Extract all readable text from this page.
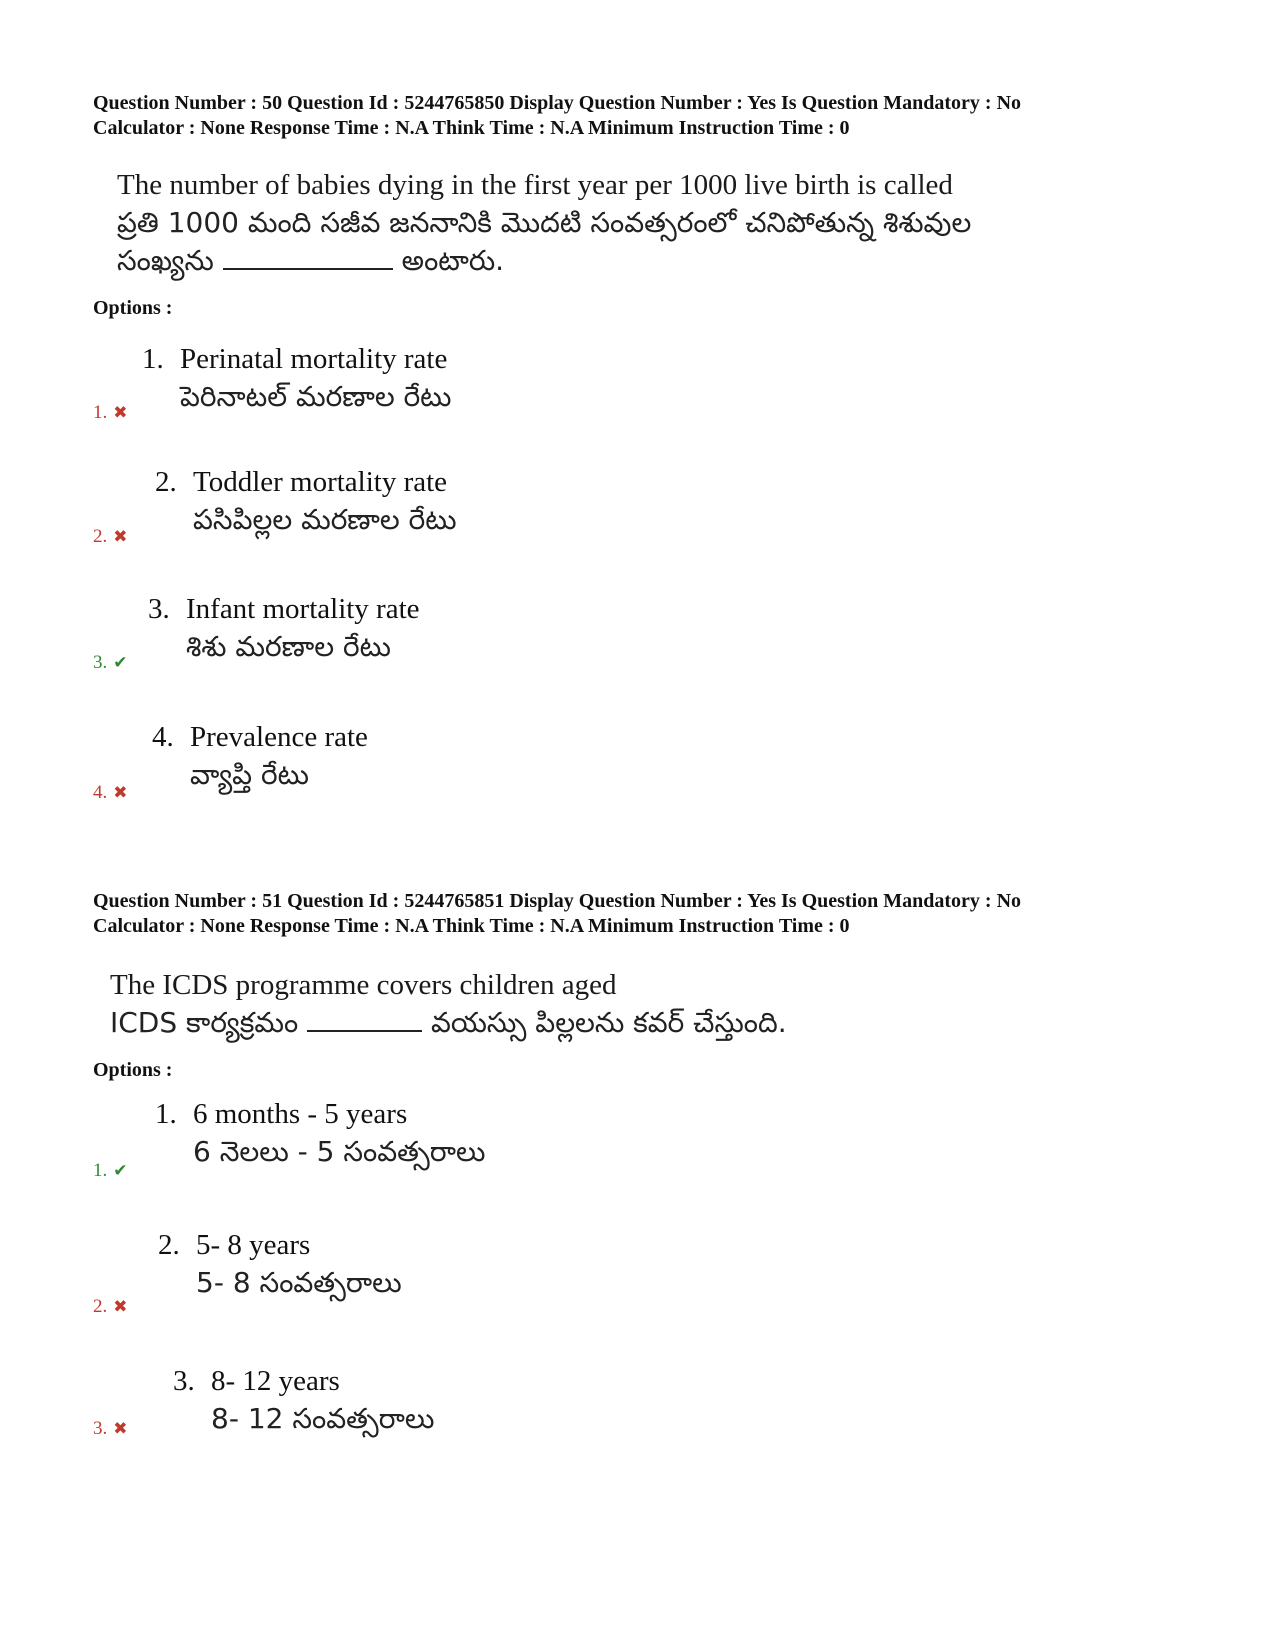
Question Number : 50 Question Id : 5244765850 Display Question Number : Yes Is Question Mandatory : No
Calculator : None Response Time : N.A Think Time : N.A Minimum Instruction Time : 0
The number of babies dying in the first year per 1000 live birth is called
ప్రతి 1000 మంది సజీవ జననానికి మొదటి సంవత్సరంలో చనిపోతున్న శిశువుల
సంఖ్యను	అంటారు.
Options :
1. Perinatal mortality rate
పెరినాటల్ మరణాల రేటు
1. ✖
2. Toddler mortality rate
పసిపిల్లల మరణాల రేటు
2. ✖
3. Infant mortality rate
శిశు మరణాల రేటు
3. ✔
4. Prevalence rate
వ్యాప్తి రేటు
4. ✖
Question Number : 51 Question Id : 5244765851 Display Question Number : Yes Is Question Mandatory : No
Calculator : None Response Time : N.A Think Time : N.A Minimum Instruction Time : 0
The ICDS programme covers children aged
ICDS కార్యక్రమం	వయస్సు పిల్లలను కవర్ చేస్తుంది.
Options :
1. 6 months - 5 years
6 నెలలు - 5 సంవత్సరాలు
1. ✔
2. 5- 8 years
5- 8 సంవత్సరాలు
2. ✖
3. 8- 12 years
8- 12 సంవత్సరాలు
3. ✖
